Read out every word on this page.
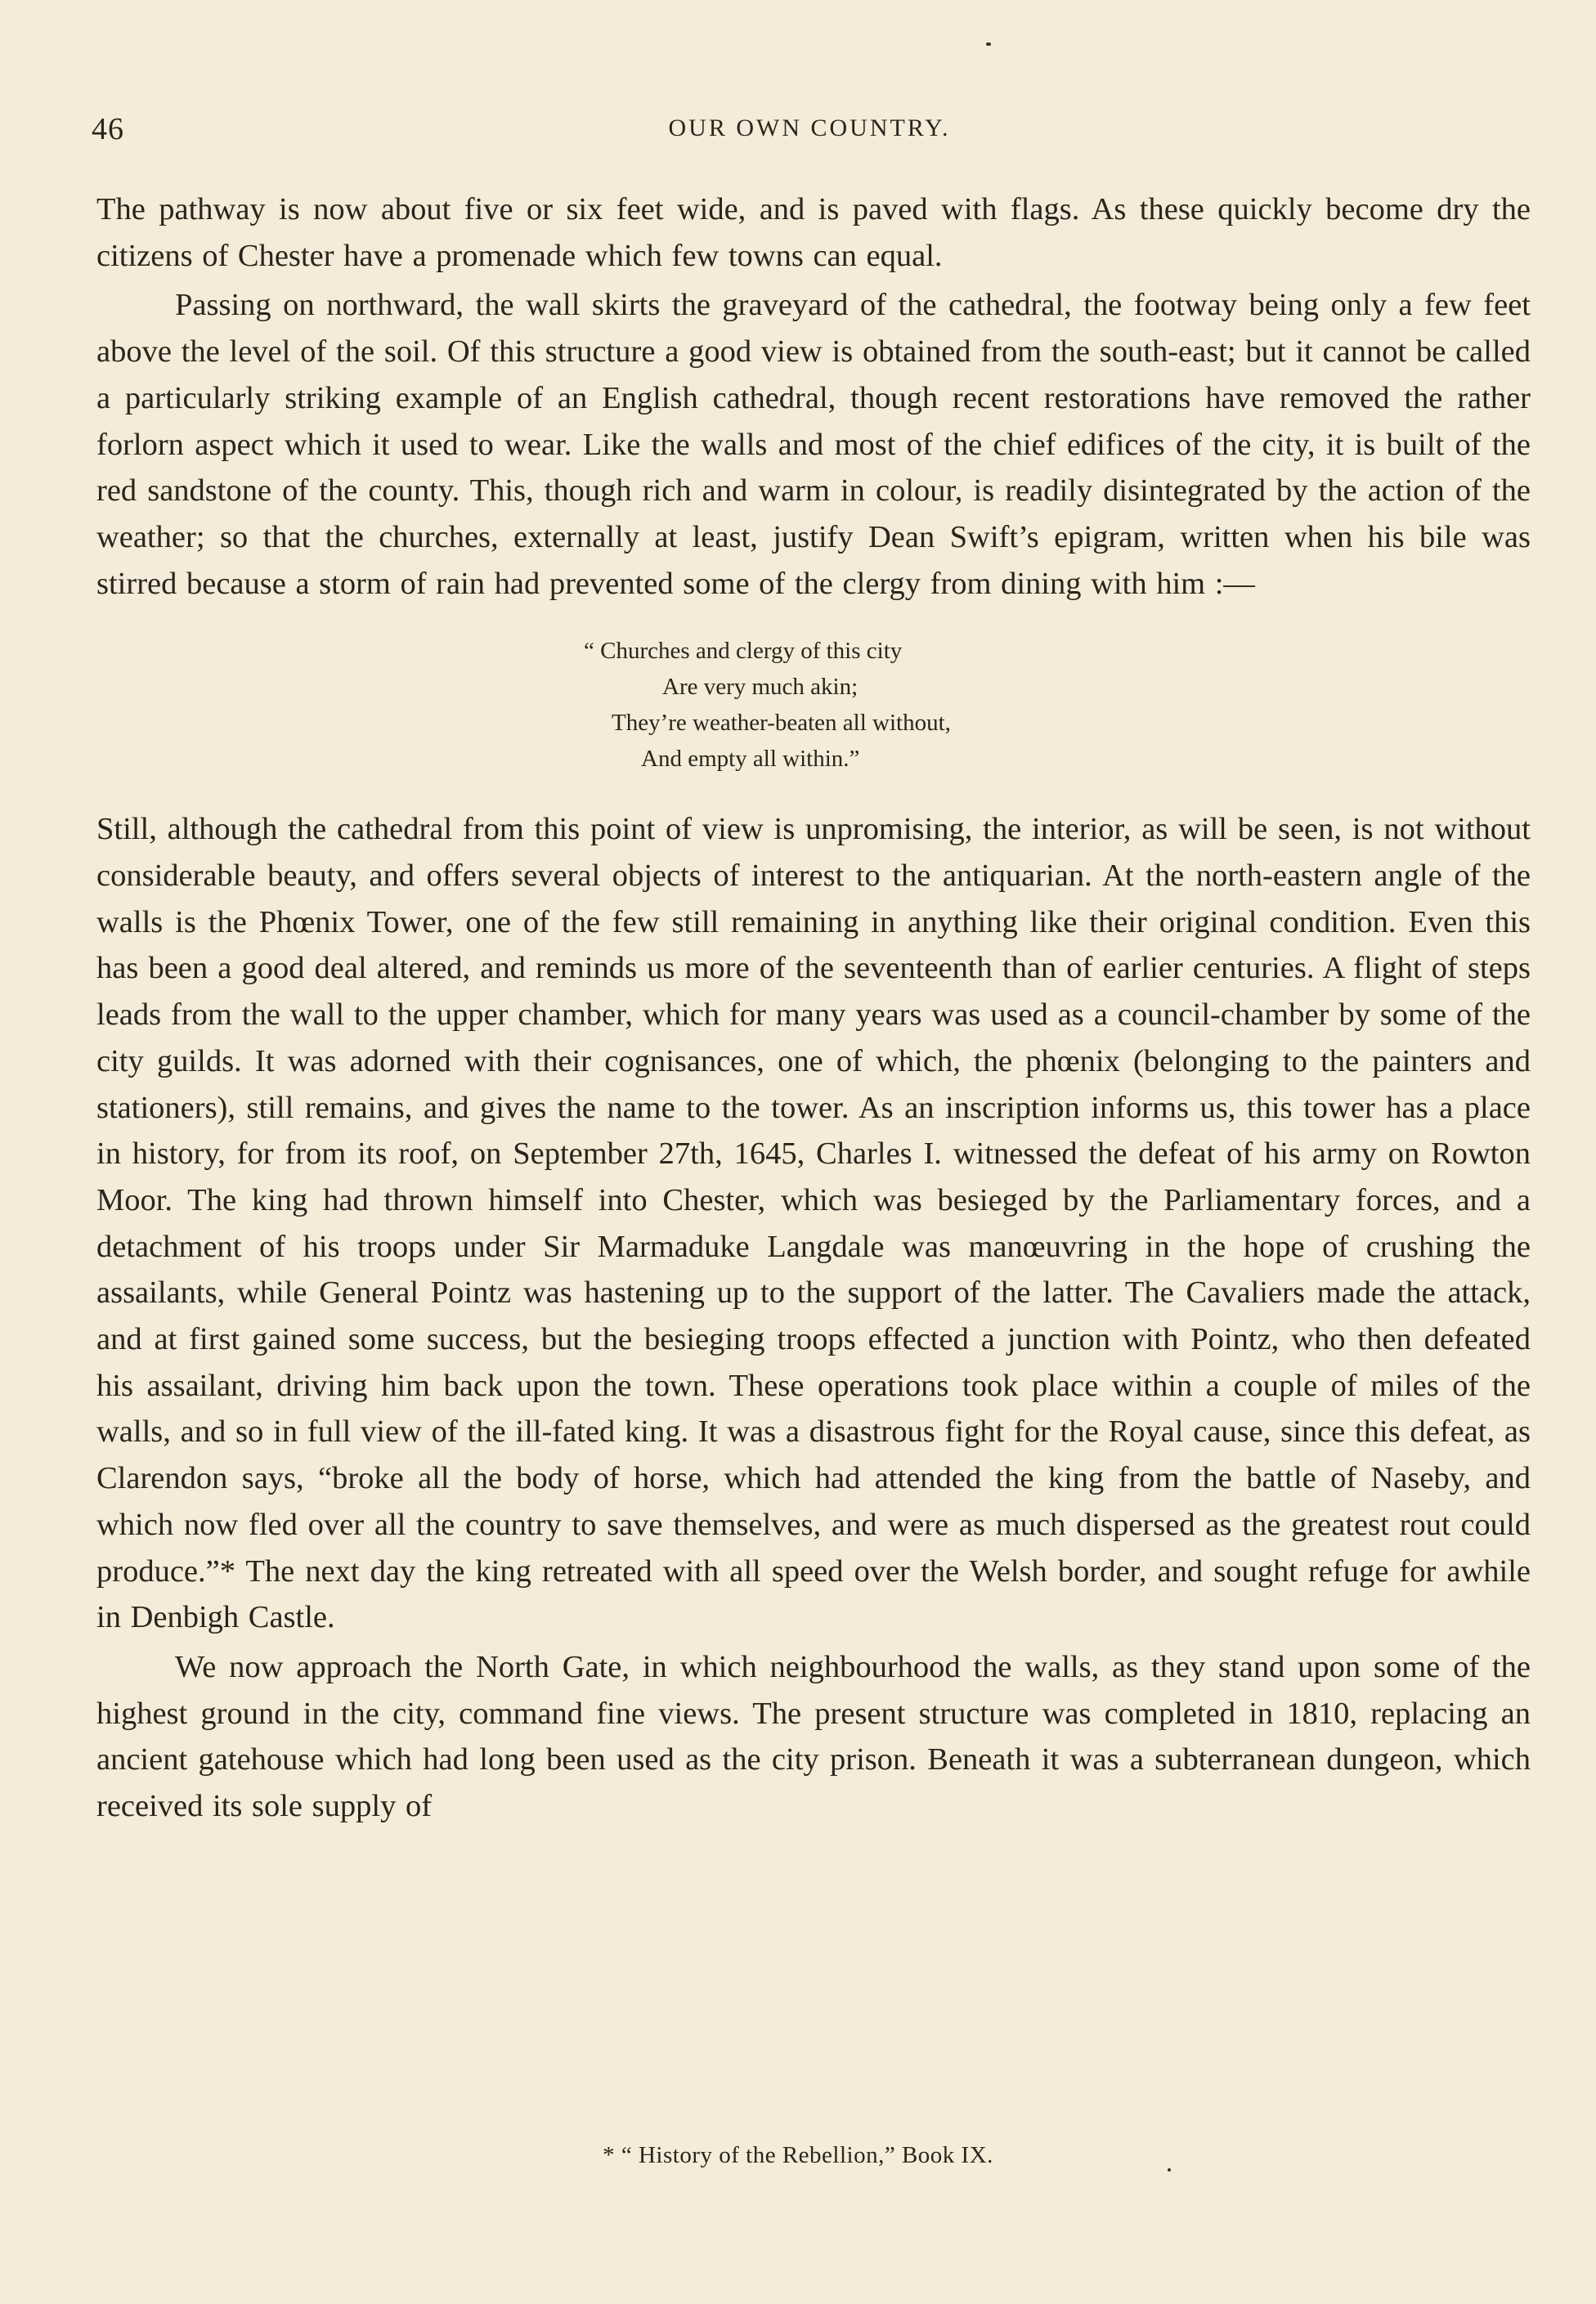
46	OUR OWN COUNTRY.

The pathway is now about five or six feet wide, and is paved with flags. As these quickly become dry the citizens of Chester have a promenade which few towns can equal.

Passing on northward, the wall skirts the graveyard of the cathedral, the footway being only a few feet above the level of the soil. Of this structure a good view is obtained from the south-east; but it cannot be called a particularly striking example of an English cathedral, though recent restorations have removed the rather forlorn aspect which it used to wear. Like the walls and most of the chief edifices of the city, it is built of the red sandstone of the county. This, though rich and warm in colour, is readily disintegrated by the action of the weather; so that the churches, externally at least, justify Dean Swift’s epigram, written when his bile was stirred because a storm of rain had prevented some of the clergy from dining with him :—

“ Churches and clergy of this city
Are very much akin;
They’re weather-beaten all without,
And empty all within.”

Still, although the cathedral from this point of view is unpromising, the interior, as will be seen, is not without considerable beauty, and offers several objects of interest to the antiquarian. At the north-eastern angle of the walls is the Phœnix Tower, one of the few still remaining in anything like their original condition. Even this has been a good deal altered, and reminds us more of the seventeenth than of earlier centuries. A flight of steps leads from the wall to the upper chamber, which for many years was used as a council-chamber by some of the city guilds. It was adorned with their cognisances, one of which, the phœnix (belonging to the painters and stationers), still remains, and gives the name to the tower. As an inscription informs us, this tower has a place in history, for from its roof, on September 27th, 1645, Charles I. witnessed the defeat of his army on Rowton Moor. The king had thrown himself into Chester, which was besieged by the Parliamentary forces, and a detachment of his troops under Sir Marmaduke Langdale was manœuvring in the hope of crushing the assailants, while General Pointz was hastening up to the support of the latter. The Cavaliers made the attack, and at first gained some success, but the besieging troops effected a junction with Pointz, who then defeated his assailant, driving him back upon the town. These operations took place within a couple of miles of the walls, and so in full view of the ill-fated king. It was a disastrous fight for the Royal cause, since this defeat, as Clarendon says, “broke all the body of horse, which had attended the king from the battle of Naseby, and which now fled over all the country to save themselves, and were as much dispersed as the greatest rout could produce.”* The next day the king retreated with all speed over the Welsh border, and sought refuge for awhile in Denbigh Castle.

We now approach the North Gate, in which neighbourhood the walls, as they stand upon some of the highest ground in the city, command fine views. The present structure was completed in 1810, replacing an ancient gatehouse which had long been used as the city prison. Beneath it was a subterranean dungeon, which received its sole supply of

* “ History of the Rebellion,” Book IX.
